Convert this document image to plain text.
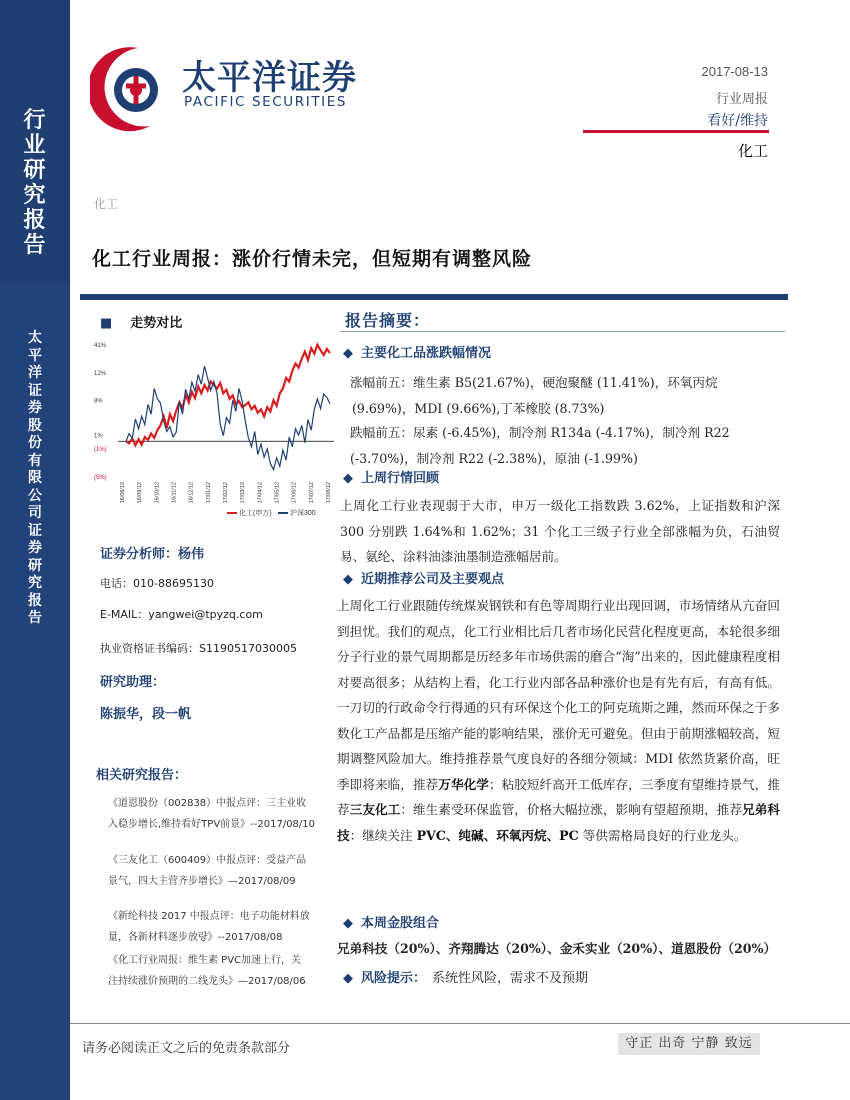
行
业
研
究
报
告
太
平
洋
证
券
股
份
有
限
公
司
证
券
研
究
报
告
太平洋证券
PACIFIC SECURITIES
2017-08-13
行业周报
看好/维持
化工
化工
化工行业周报：涨价行情未完，但短期有调整风险
■ 走势对比
41%
12%
8%
1%
(1%)
(5%)
16/08/12 16/09/12 16/10/12 16/11/12 16/12/12 17/01/12 17/02/12 17/03/12 17/04/12 17/05/12 17/06/12 17/07/12 17/08/12
化工(申万)	沪深300
证券分析师：杨伟
电话：010-88695130
E-MAIL：yangwei@tpyzq.com
执业资格证书编码：S1190517030005
研究助理：
陈振华，段一帆
相关研究报告：
《道恩股份（002838）中报点评：三主业收
入稳步增长,维持看好TPV前景》--2017/08/10
《三友化工（600409）中报点评：受益产品
景气，四大主营齐步增长》—2017/08/09
《新纶科技 2017 中报点评：电子功能材料放
量，各新材料逐步放량》--2017/08/08
《化工行业周报：维生素 PVC加速上行，关
注持续涨价预期的二线龙头》—2017/08/06
报告摘要：
◆ 主要化工品涨跌幅情况
涨幅前五：维生素 B5(21.67%)，硬泡聚醚 (11.41%)，环氧丙烷
(9.69%)，MDI (9.66%),丁苯橡胶 (8.73%)
跌幅前五：尿素 (-6.45%)，制冷剂 R134a (-4.17%)，制冷剂 R22
(-3.70%)，制冷剂 R22 (-2.38%)，原油 (-1.99%)
◆ 上周行情回顾
上周化工行业表现弱于大市，申万一级化工指数跌 3.62%，上证指数和沪深 300 分别跌 1.64%和 1.62%；31 个化工三级子行业全部涨幅为负，石油贸易、氨纶、涂料油漆油墨制造涨幅居前。
◆ 近期推荐公司及主要观点
上周化工行业跟随传统煤炭钢铁和有色等周期行业出现回调，市场情绪从亢奋回到担忧。我们的观点，化工行业相比后几者市场化民营化程度更高，本轮很多细分子行业的景气周期都是历经多年市场供需的磨合“淘”出来的，因此健康程度相对要高很多；从结构上看，化工行业内部各品种涨价也是有先有后，有高有低。一刀切的行政命令行得通的只有环保这个化工的阿克琉斯之踵，然而环保之于多数化工产品都是压缩产能的影响结果，涨价无可避免。但由于前期涨幅较高，短期调整风险加大。维持推荐景气度良好的各细分领域：MDI 依然货紧价高，旺季即将来临，推荐万华化学；粘胶短纤高开工低库存，三季度有望维持景气，推荐三友化工：维生素受环保监管，价格大幅拉涨，影响有望超预期，推荐兄弟科技：继续关注 PVC、纯碱、环氧丙烷、PC 等供需格局良好的行业龙头。
◆ 本周金股组合
兄弟科技（20%）、齐翔腾达（20%）、金禾实业（20%）、道恩股份（20%）
◆ 风险提示： 系统性风险，需求不及预期
请务必阅读正文之后的免责条款部分	守正 出奇 宁静 致远
